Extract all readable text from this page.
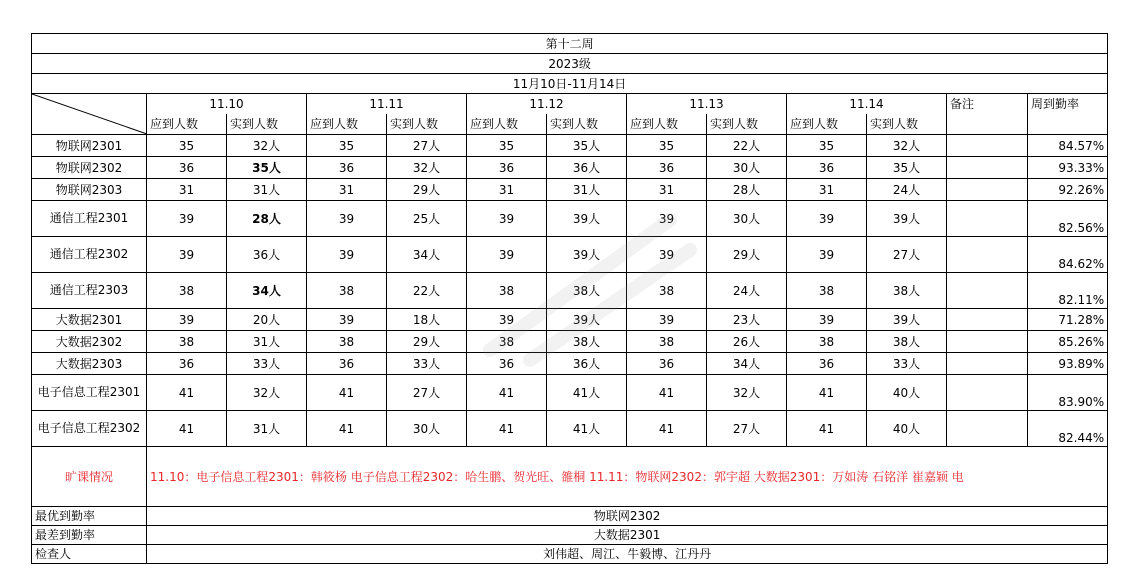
第十二周												
2023级												
11月10日-11月14日												

	11.10		11.11		11.12		11.13		11.14		备注	周到勤率
	应到人数	实到人数	应到人数	实到人数	应到人数	实到人数	应到人数	实到人数	应到人数	实到人数		
物联网2301	35	32人	35	27人	35	35人	35	22人	35	32人		84.57%
物联网2302	36	35人	36	32人	36	36人	36	30人	36	35人		93.33%
物联网2303	31	31人	31	29人	31	31人	31	28人	31	24人		92.26%
通信工程2301	39	28人	39	25人	39	39人	39	30人	39	39人		82.56%
通信工程2302	39	36人	39	34人	39	39人	39	29人	39	27人		84.62%
通信工程2303	38	34人	38	22人	38	38人	38	24人	38	38人		82.11%
大数据2301	39	20人	39	18人	39	39人	39	23人	39	39人		71.28%
大数据2302	38	31人	38	29人	38	38人	38	26人	38	38人		85.26%
大数据2303	36	33人	36	33人	36	36人	36	34人	36	33人		93.89%
电子信息工程2301	41	32人	41	27人	41	41人	41	32人	41	40人		83.90%
电子信息工程2302	41	31人	41	30人	41	41人	41	27人	41	40人		82.44%
旷课情况	11.10：电子信息工程2301：韩筱杨 电子信息工程2302：哈生鹏、贺光旺、雒桐 11.11：物联网2302：郭宇超 大数据2301：万如涛 石铭洋 崔嘉颖 电											
最优到勤率	物联网2302											
最差到勤率	大数据2301											
检查人	刘伟超、周江、牛毅博、江丹丹											
